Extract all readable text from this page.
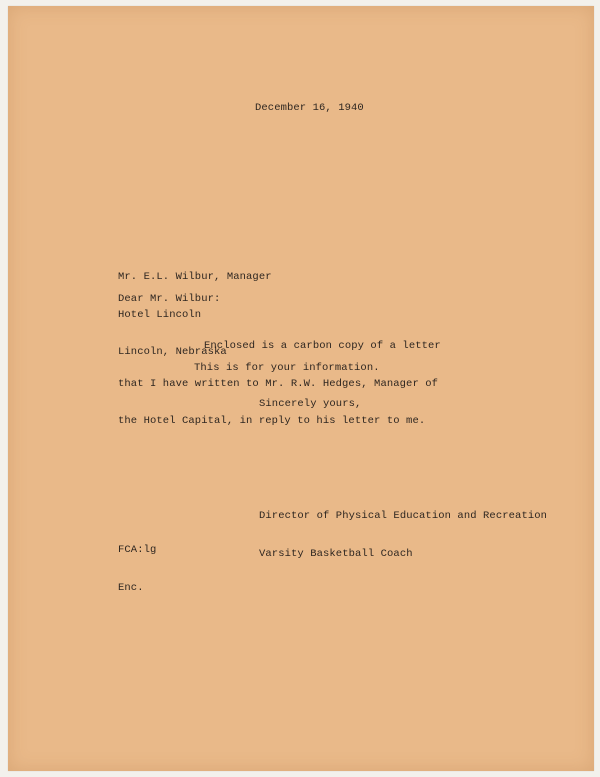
December 16, 1940

Mr. E.L. Wilbur, Manager

Hotel Lincoln

Lincoln, Nebraska

Dear Mr. Wilbur:

Enclosed is a carbon copy of a letter

that I have written to Mr. R.W. Hedges, Manager of

the Hotel Capital, in reply to his letter to me.

This is for your information.
Sincerely yours,

Director of Physical Education and Recreation

Varsity Basketball Coach

FCA:lg

Enc.
